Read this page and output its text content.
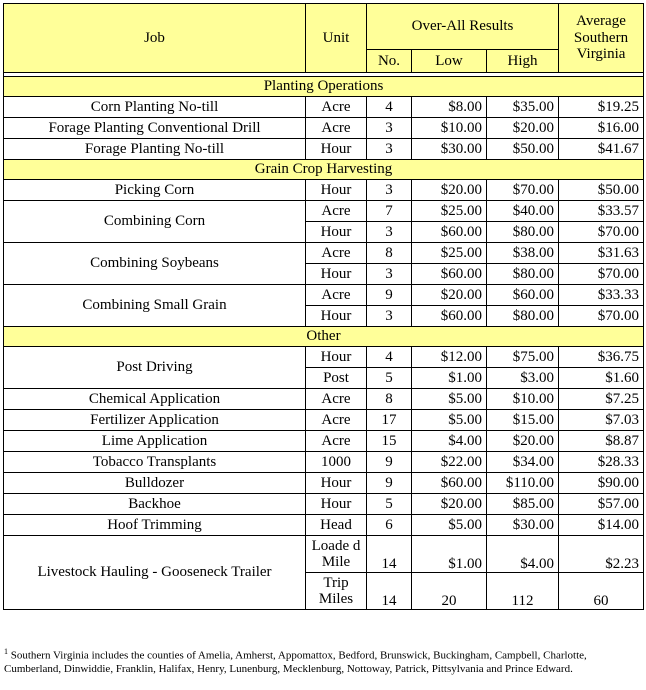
Job	Unit	Over-All Results			Average Southern Virginia
		No.	Low	High	

Planting Operations					
Corn Planting No-till	Acre	4	$8.00	$35.00	$19.25
Forage Planting Conventional Drill	Acre	3	$10.00	$20.00	$16.00
Forage Planting No-till	Hour	3	$30.00	$50.00	$41.67
Grain Crop Harvesting					
Picking Corn	Hour	3	$20.00	$70.00	$50.00
Combining Corn	Acre	7	$25.00	$40.00	$33.57
	Hour	3	$60.00	$80.00	$70.00
Combining Soybeans	Acre	8	$25.00	$38.00	$31.63
	Hour	3	$60.00	$80.00	$70.00
Combining Small Grain	Acre	9	$20.00	$60.00	$33.33
	Hour	3	$60.00	$80.00	$70.00
Other					
Post Driving	Hour	4	$12.00	$75.00	$36.75
	Post	5	$1.00	$3.00	$1.60
Chemical Application	Acre	8	$5.00	$10.00	$7.25
Fertilizer Application	Acre	17	$5.00	$15.00	$7.03
Lime Application	Acre	15	$4.00	$20.00	$8.87
Tobacco Transplants	1000	9	$22.00	$34.00	$28.33
Bulldozer	Hour	9	$60.00	$110.00	$90.00
Backhoe	Hour	5	$20.00	$85.00	$57.00
Hoof Trimming	Head	6	$5.00	$30.00	$14.00
Livestock Hauling - Gooseneck Trailer	Loade d Mile	14	$1.00	$4.00	$2.23
	Trip Miles	14	20	112	60
$^1$ Southern Virginia includes the counties of Amelia, Amherst, Appomattox, Bedford, Brunswick, Buckingham, Campbell, Charlotte, Cumberland, Dinwiddie, Franklin, Halifax, Henry, Lunenburg, Mecklenburg, Nottoway, Patrick, Pittsylvania and Prince Edward.
